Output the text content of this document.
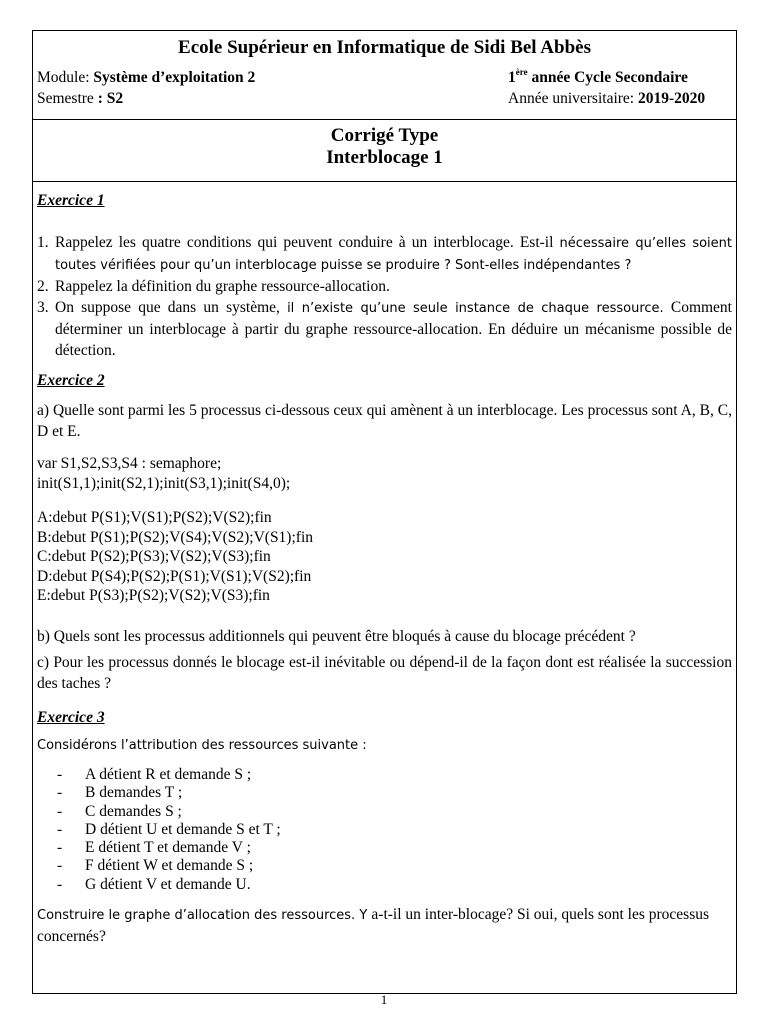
Ecole Supérieur en Informatique de Sidi Bel Abbès
Module: Système d’exploitation 2
Semestre : S2
1ère année Cycle Secondaire
Année universitaire: 2019-2020
Corrigé Type
Interblocage 1
Exercice 1
1. Rappelez les quatre conditions qui peuvent conduire à un interblocage. Est-il nécessaire qu’elles soient toutes vérifiées pour qu’un interblocage puisse se produire ? Sont-elles indépendantes ?
2. Rappelez la définition du graphe ressource-allocation.
3. On suppose que dans un système, il n’existe qu’une seule instance de chaque ressource. Comment déterminer un interblocage à partir du graphe ressource-allocation. En déduire un mécanisme possible de détection.
Exercice 2
a) Quelle sont parmi les 5 processus ci-dessous ceux qui amènent à un interblocage. Les processus sont A, B, C, D et E.
var S1,S2,S3,S4 : semaphore;
init(S1,1);init(S2,1);init(S3,1);init(S4,0);
A:debut P(S1);V(S1);P(S2);V(S2);fin
B:debut P(S1);P(S2);V(S4);V(S2);V(S1);fin
C:debut P(S2);P(S3);V(S2);V(S3);fin
D:debut P(S4);P(S2);P(S1);V(S1);V(S2);fin
E:debut P(S3);P(S2);V(S2);V(S3);fin
b) Quels sont les processus additionnels qui peuvent être bloqués à cause du blocage précédent ?
c) Pour les processus donnés le blocage est-il inévitable ou dépend-il de la façon dont est réalisée la succession des taches ?
Exercice 3
Considérons l’attribution des ressources suivante :
- A détient R et demande S ;
- B demandes T ;
- C demandes S ;
- D détient U et demande S et T ;
- E détient T et demande V ;
- F détient W et demande S ;
- G détient V et demande U.
Construire le graphe d’allocation des ressources. Y a-t-il un inter-blocage? Si oui, quels sont les processus concernés?
1
